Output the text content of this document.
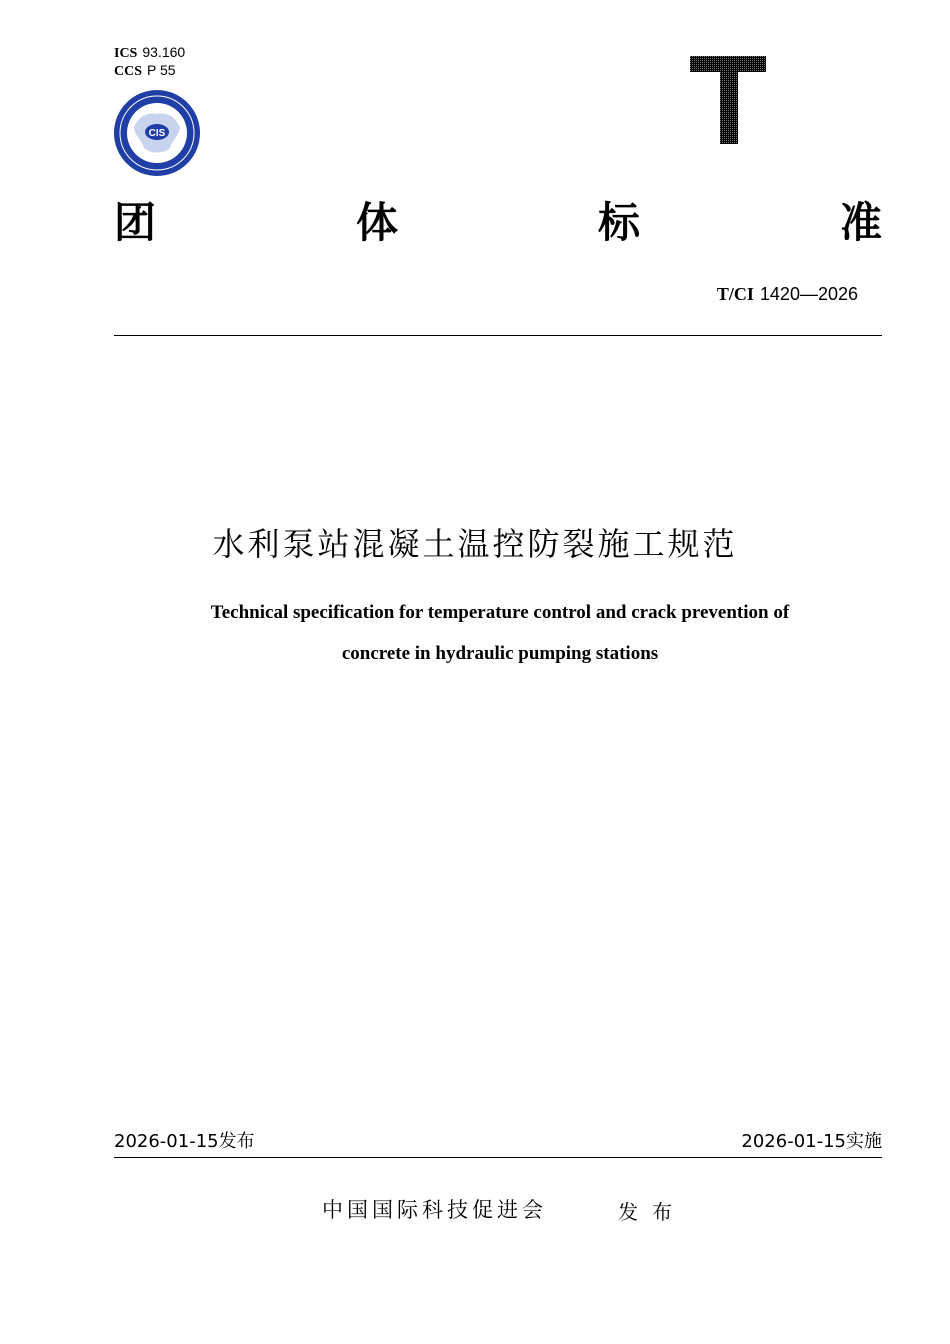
ICS 93.160
CCS P 55
CIS
团	体	标	准
T/CI 1420—2026
水利泵站混凝土温控防裂施工规范
Technical specification for temperature control and crack prevention of
concrete in hydraulic pumping stations
2026-01-15发布	2026-01-15实施
中国国际科技促进会	发布
